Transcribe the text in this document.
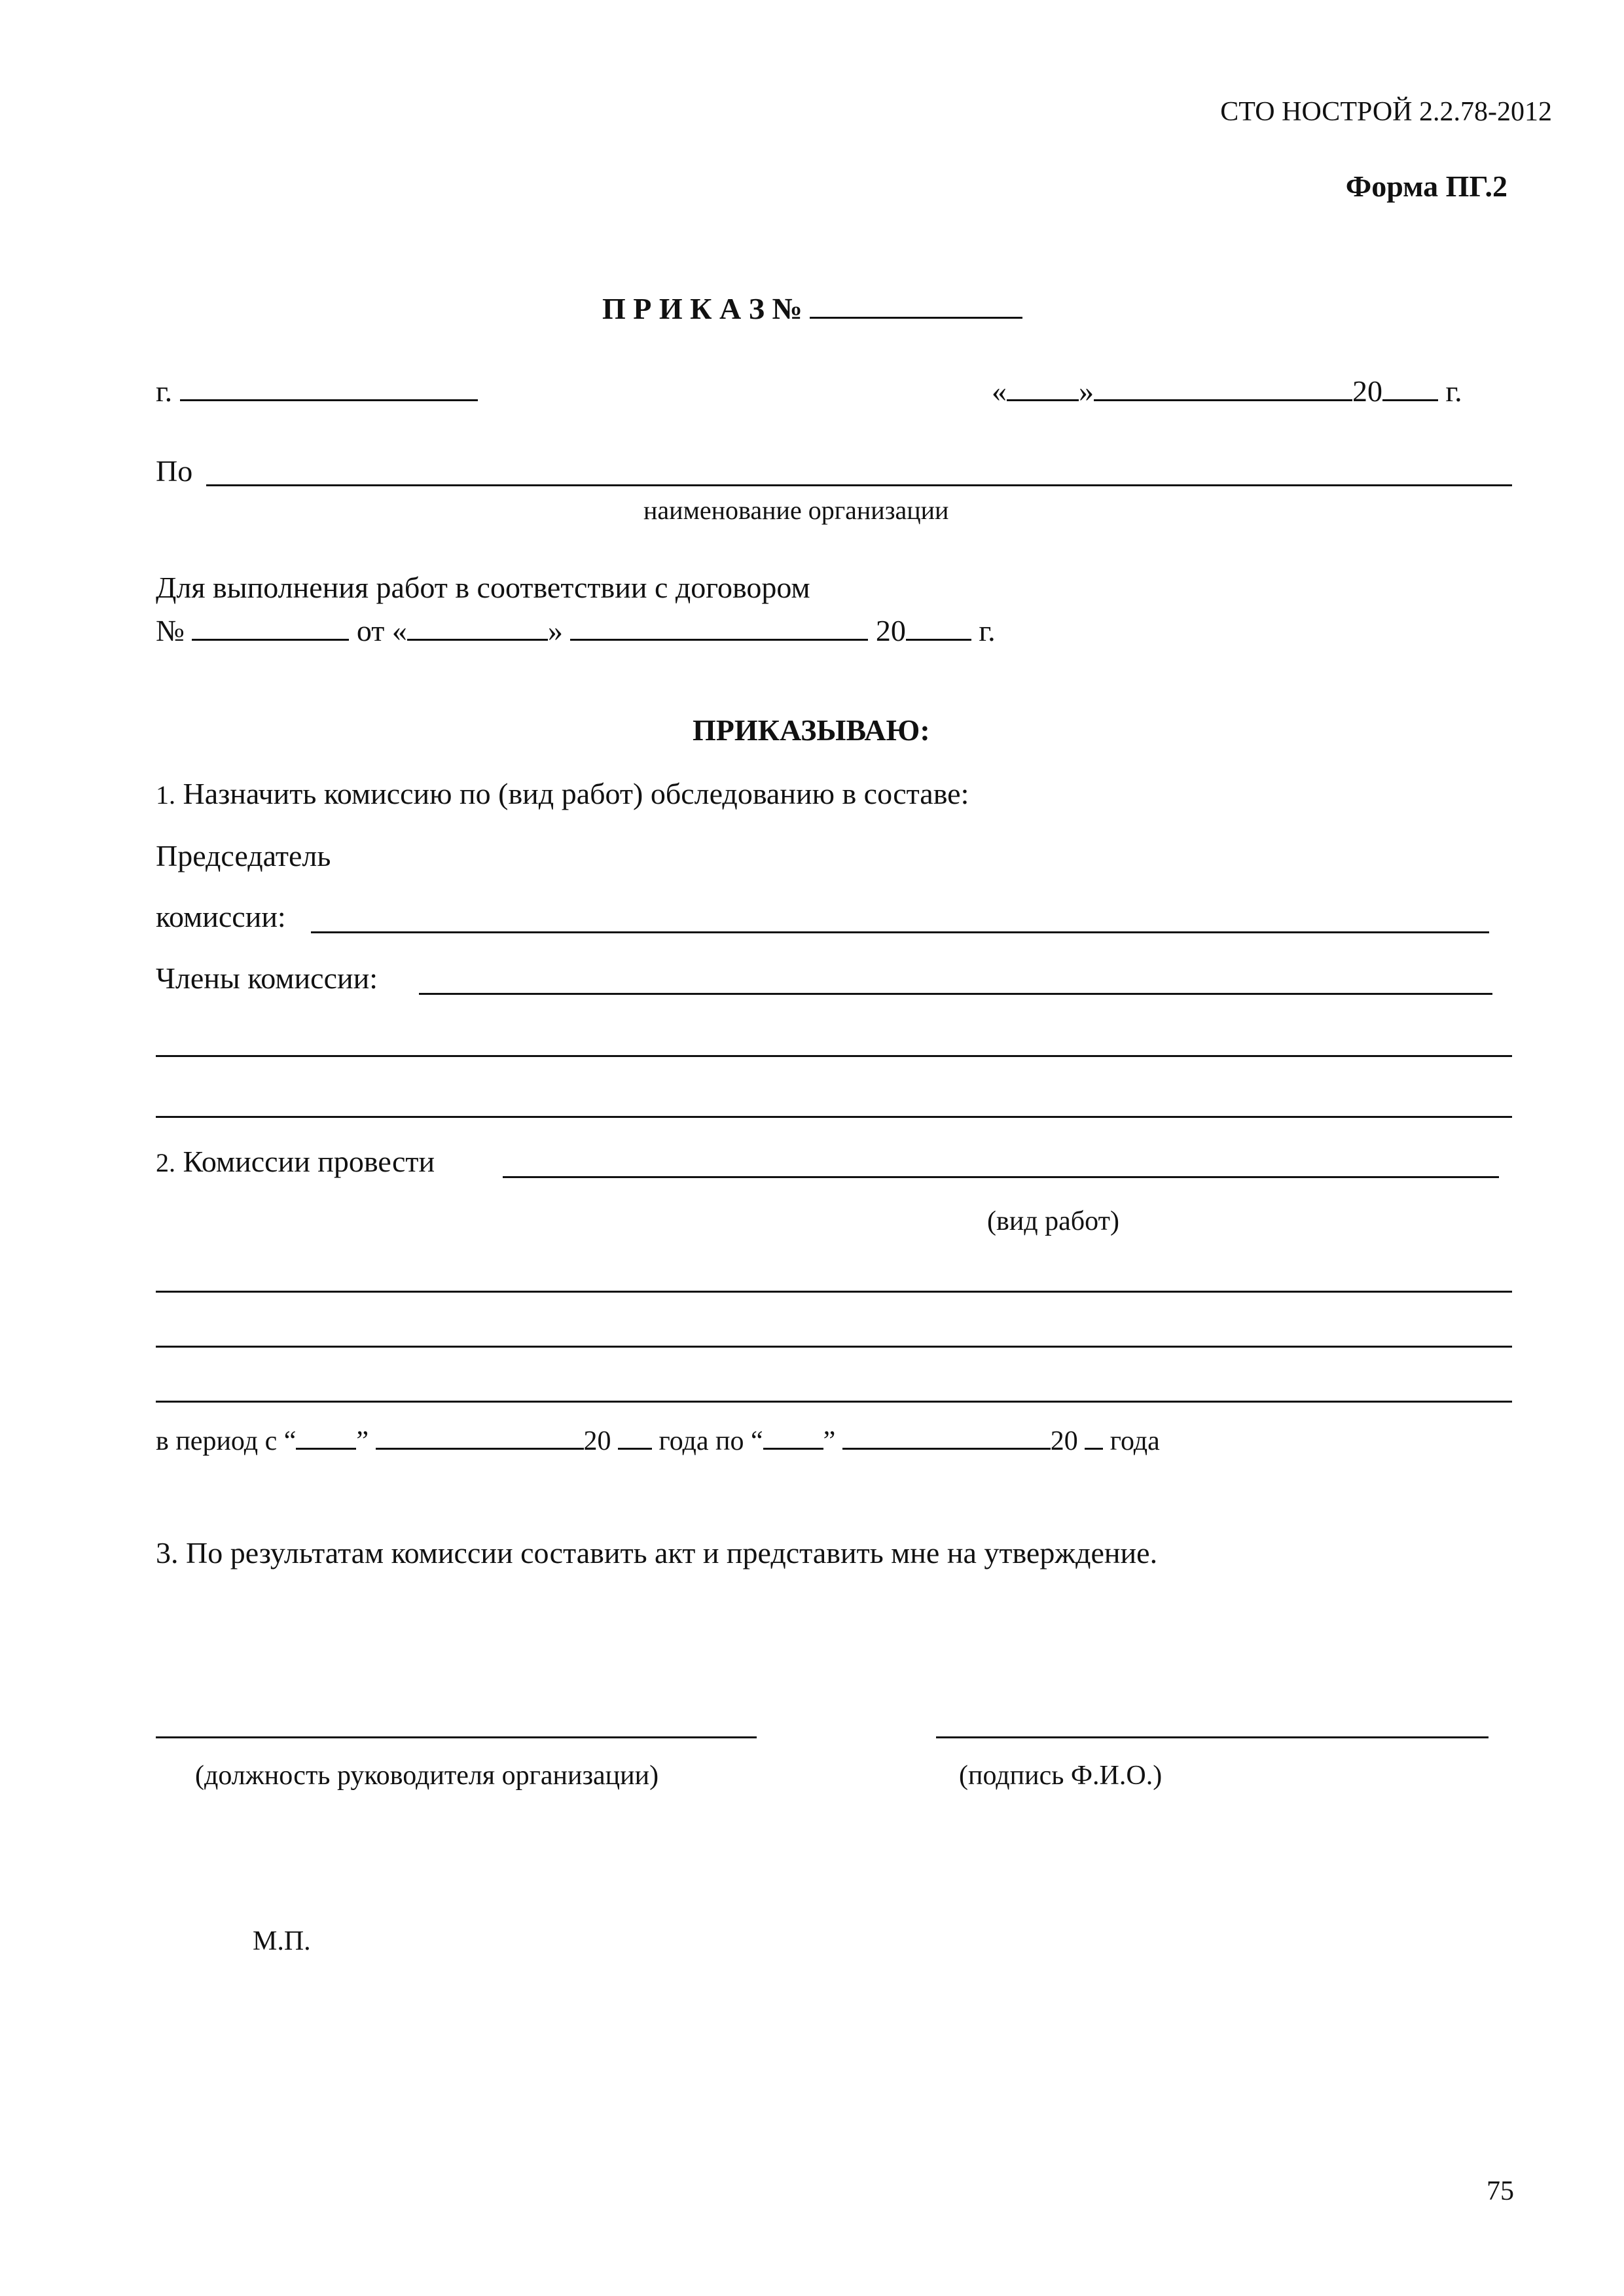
СТО НОСТРОЙ 2.2.78-2012
Форма ПГ.2
П Р И К А З №
г.	« »	20 г.
По
наименование организации
Для выполнения работ в соответствии с договором
№	от «	»	20 г.
ПРИКАЗЫВАЮ:
1. Назначить комиссию по (вид работ) обследованию в составе:
Председатель
комиссии:
Члены комиссии:
2. Комиссии провести
(вид работ)
в период с “ ”	20 года по “ ”	20 года
3. По результатам комиссии составить акт и представить мне на утверждение.
(должность руководителя организации)	(подпись Ф.И.О.)
М.П.
75
